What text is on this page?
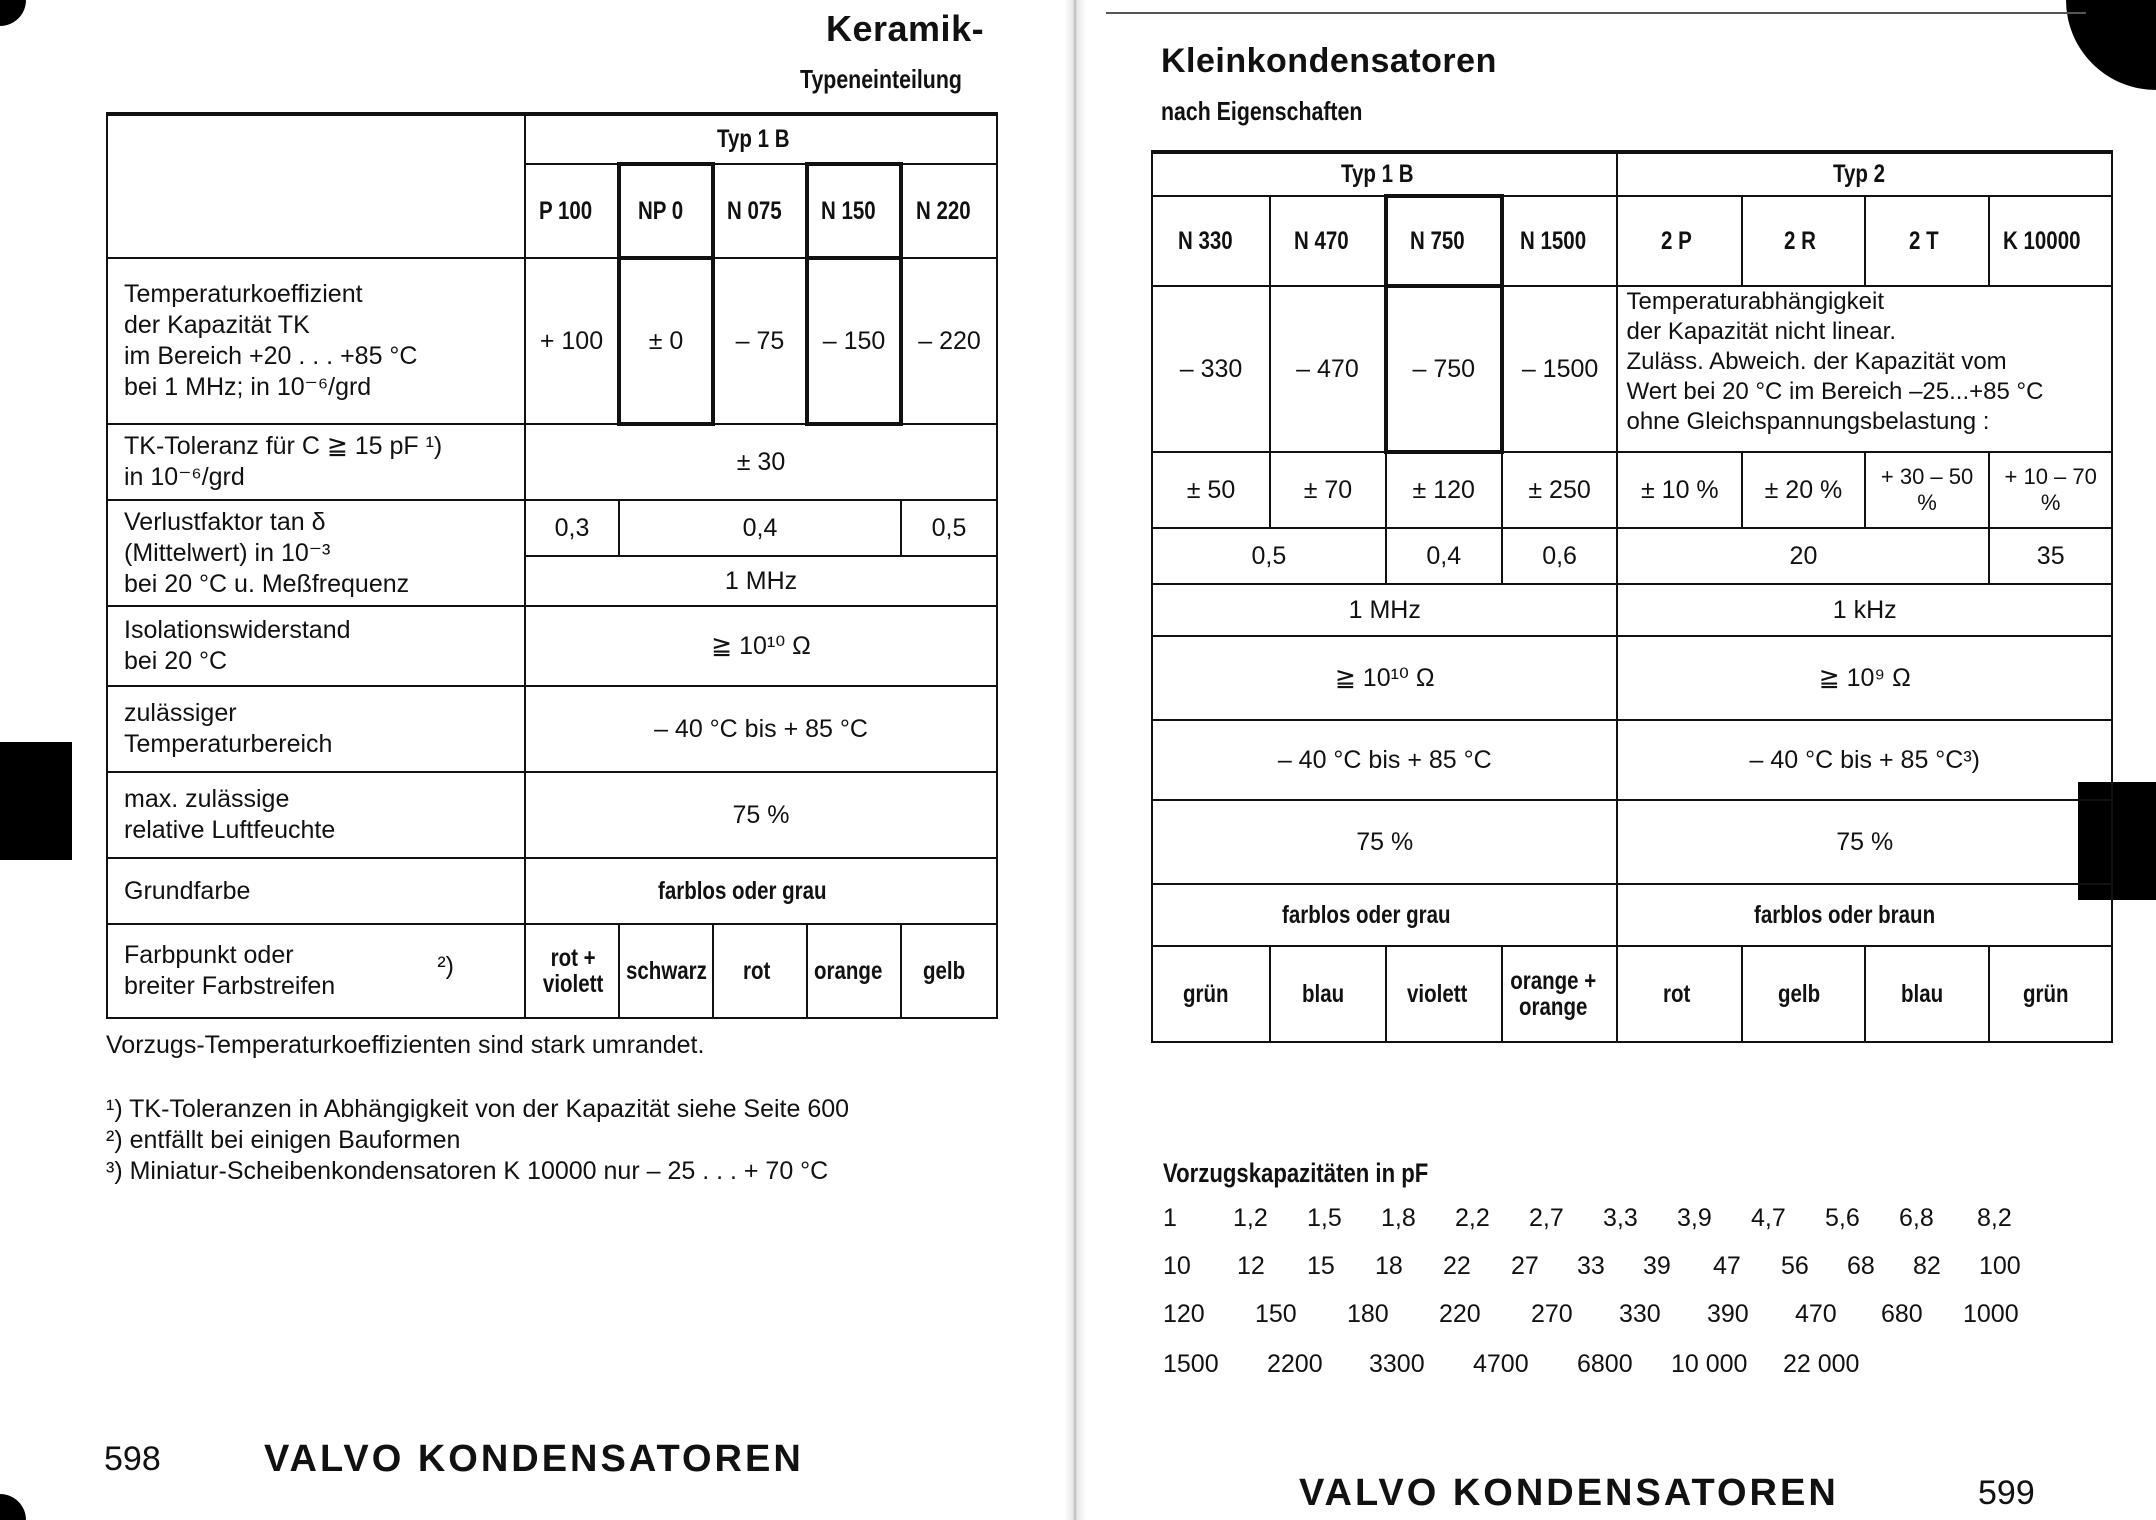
Keramik-
Typeneinteilung
	Typ 1 B				
	P 100	NP 0	N 075	N 150	N 220

Temperaturkoeffizient
der Kapazität TK
im Bereich +20 . . . +85 °C
bei 1 MHz; in 10⁻⁶/grd	+ 100	± 0	– 75	– 150	– 220

TK-Toleranz für C ≧ 15 pF ¹)
in 10⁻⁶/grd	± 30				

Verlustfaktor tan δ
(Mittelwert) in 10⁻³
bei 20 °C u. Meßfrequenz	0,3	0,4			0,5
	1 MHz				

Isolationswiderstand
bei 20 °C	≧ 10¹⁰ Ω				

zulässiger
Temperaturbereich	– 40 °C bis + 85 °C				

max. zulässige
relative Luftfeuchte	75 %				
Grundfarbe	farblos oder grau				

Farbpunkt oder
breiter Farbstreifen
²)	rot + violett	schwarz	rot	orange	gelb
Vorzugs-Temperaturkoeffizienten sind stark umrandet.
¹) TK-Toleranzen in Abhängigkeit von der Kapazität siehe Seite 600
²) entfällt bei einigen Bauformen
³) Miniatur-Scheibenkondensatoren K 10000 nur – 25 . . . + 70 °C
598	VALVO KONDENSATOREN
Kleinkondensatoren
nach Eigenschaften
Typ 1 B				Typ 2			
N 330	N 470	N 750	N 1500	2 P	2 R	2 T	K 10000
– 330	– 470	– 750	– 1500	Temperaturabhängigkeit
der Kapazität nicht linear.
Zuläss. Abweich. der Kapazität vom
Wert bei 20 °C im Bereich –25...+85 °C
ohne Gleichspannungsbelastung :			

± 50	± 70	± 120	± 250	± 10 %	± 20 %	+ 30 – 50 %	+ 10 – 70 %
0,5		0,4	0,6	20			35
1 MHz				1 kHz			
≧ 10¹⁰ Ω				≧ 10⁹ Ω			
– 40 °C bis + 85 °C				– 40 °C bis + 85 °C³)			
75 %				75 %			
farblos oder grau				farblos oder braun			
grün	blau	violett	orange + orange	rot	gelb	blau	grün
Vorzugskapazitäten in pF
1 1,2 1,5 1,8 2,2 2,7 3,3 3,9 4,7 5,6 6,8 8,2
10 12 15 18 22 27 33 39 47 56 68 82 100
120 150 180 220 270 330 390 470 680 1000
1500 2200 3300 4700 6800 10 000 22 000
VALVO KONDENSATOREN	599
